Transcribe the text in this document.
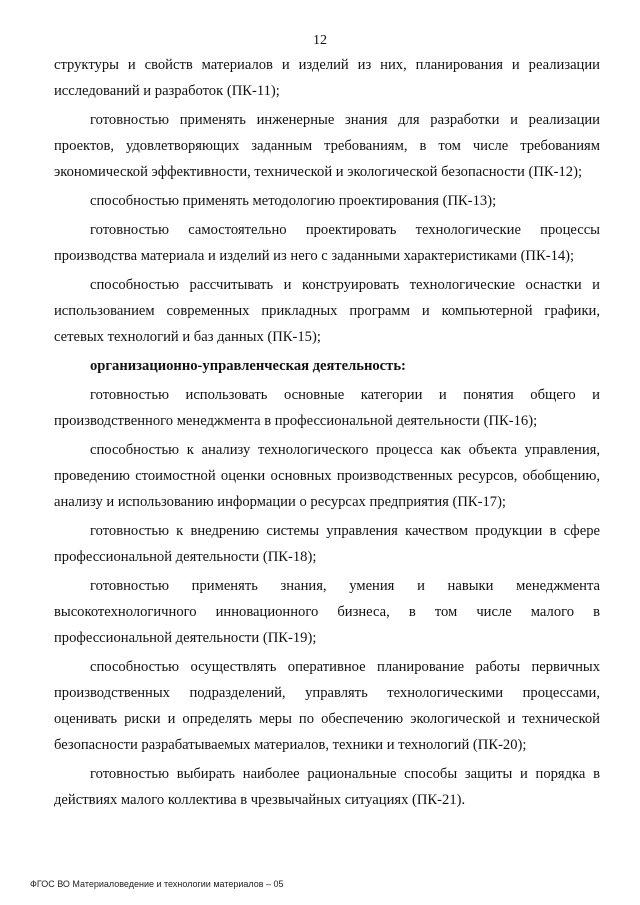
12

структуры и свойств материалов и изделий из них, планирования и реализации исследований и разработок (ПК-11);

готовностью применять инженерные знания для разработки и реализации проектов, удовлетворяющих заданным требованиям, в том числе требованиям экономической эффективности, технической и экологической безопасности (ПК-12);

способностью применять методологию проектирования (ПК-13);

готовностью самостоятельно проектировать технологические процессы производства материала и изделий из него с заданными характеристиками (ПК-14);

способностью рассчитывать и конструировать технологические оснастки и использованием современных прикладных программ и компьютерной графики, сетевых технологий и баз данных (ПК-15);

организационно-управленческая деятельность:

готовностью использовать основные категории и понятия общего и производственного менеджмента в профессиональной деятельности (ПК-16);

способностью к анализу технологического процесса как объекта управления, проведению стоимостной оценки основных производственных ресурсов, обобщению, анализу и использованию информации о ресурсах предприятия (ПК-17);

готовностью к внедрению системы управления качеством продукции в сфере профессиональной деятельности (ПК-18);

готовностью применять знания, умения и навыки менеджмента высокотехнологичного инновационного бизнеса, в том числе малого в профессиональной деятельности (ПК-19);

способностью осуществлять оперативное планирование работы первичных производственных подразделений, управлять технологическими процессами, оценивать риски и определять меры по обеспечению экологической и технической безопасности разрабатываемых материалов, техники и технологий (ПК-20);

готовностью выбирать наиболее рациональные способы защиты и порядка в действиях малого коллектива в чрезвычайных ситуациях (ПК-21).

ФГОС ВО Материаловедение и технологии материалов – 05
